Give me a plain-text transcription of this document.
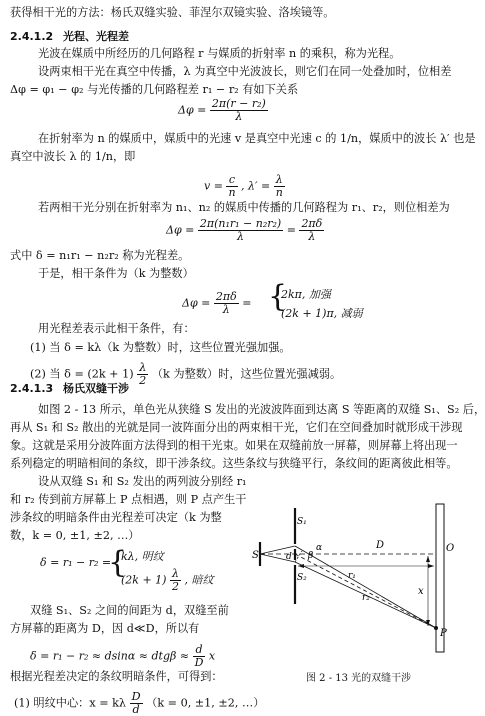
获得相干光的方法：杨氏双缝实验、菲涅尔双镜实验、洛埃镜等。
2.4.1.2 光程、光程差
光波在媒质中所经历的几何路程 r 与媒质的折射率 n 的乘积，称为光程。
设两束相干光在真空中传播，λ 为真空中光波波长，则它们在同一处叠加时，位相差
Δφ = φ₁ − φ₂ 与光传播的几何路程差 r₁ − r₂ 有如下关系
$\Delta\varphi = \frac{\text{2π(r − r₂)}}{\lambda}$
在折射率为 n 的媒质中，媒质中的光速 v 是真空中光速 c 的 1/n，媒质中的波长 λ′ 也是
真空中波长 λ 的 1/n，即
$v = \frac{c}{n}$ , $\lambda' = \frac{\lambda}{n}$
若两相干光分别在折射率为 n₁、n₂ 的媒质中传播的几何路程为 r₁、r₂，则位相差为
$\Delta\varphi = \frac{\text{2π(n₁r₁ − n₂r₂)}}{\lambda} = \frac{2\pi\delta}{\lambda}$
式中 δ = n₁r₁ − n₂r₂ 称为光程差。
于是，相干条件为（k 为整数）
$\Delta\varphi = \frac{2\pi\delta}{\lambda}$ = {
2kπ, 加强
(2k + 1)π, 减弱
用光程差表示此相干条件，有：
(1) 当 δ = kλ（k 为整数）时，这些位置光强加强。
(2) 当 $\delta = (2k + 1) \frac{\lambda}{2} (k$ 为整数）时，这些位置光强减弱。
2.4.1.3 杨氏双缝干涉
如图 2 - 13 所示，单色光从狭缝 S 发出的光波波阵面到达离 S 等距离的双缝 S₁、S₂ 后，
再从 S₁ 和 S₂ 散出的光就是同一波阵面分出的两束相干光，它们在空间叠加时就形成干涉现
象。这就是采用分波阵面方法得到的相干光束。如果在双缝前放一屏幕，则屏幕上将出现一
系列稳定的明暗相间的条纹，即干涉条纹。这些条纹与狭缝平行，条纹间的距离彼此相等。
设从双缝 S₁ 和 S₂ 发出的两列波分别经 r₁
和 r₂ 传到前方屏幕上 P 点相遇，则 P 点产生干
涉条纹的明暗条件由光程差可决定（k 为整
数，k = 0, ±1, ±2, …）
δ = r₁ − r₂ =
{
kλ, 明纹
$(2k + 1) \frac{\lambda}{2}$ , 暗纹
双缝 S₁、S₂ 之间的间距为 d，双缝至前
方屏幕的距离为 D，因 d≪D，所以有
$\delta = r_1 - r_2 \approx dsin\alpha \approx dtg\beta \approx \frac{d}{D}$ x
根据光程差决定的条纹明暗条件，可得到：
(1) 明纹中心：x = kλ $\frac{D}{d} (k = 0$, ±1, ±2, …）
S
S₁
S₂
d β
α	D	O
x
P
r₁
r₂
图 2 - 13 光的双缝干涉
